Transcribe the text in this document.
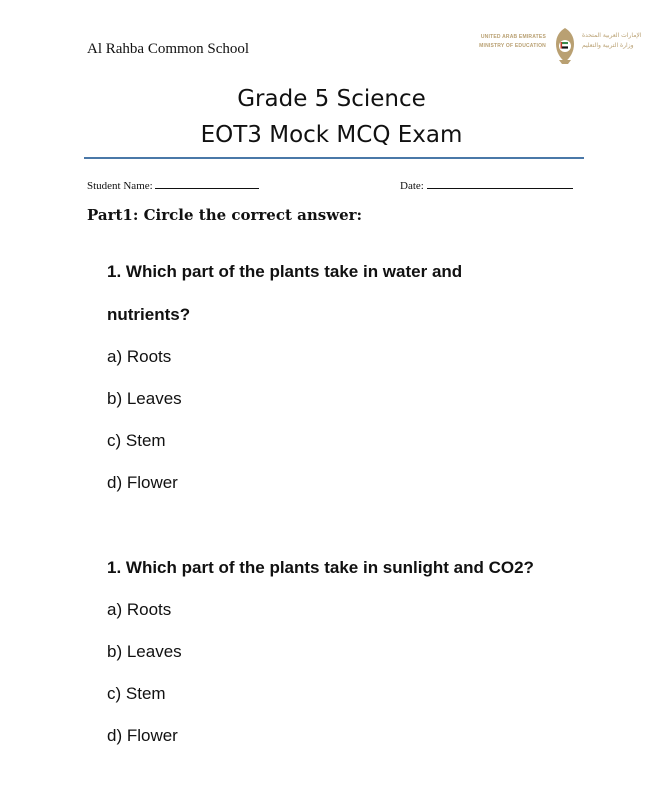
Al Rahba Common School
UNITED ARAB EMIRATES
MINISTRY OF EDUCATION
الإمارات العربية المتحدة
وزارة التربية والتعليم
Grade 5 Science
EOT3 Mock MCQ Exam
Student Name:	Date:
Part1: Circle the correct answer:
1. Which part of the plants take in water and
nutrients?
a) Roots
b) Leaves
c) Stem
d) Flower
1. Which part of the plants take in sunlight and CO2?
a) Roots
b) Leaves
c) Stem
d) Flower
